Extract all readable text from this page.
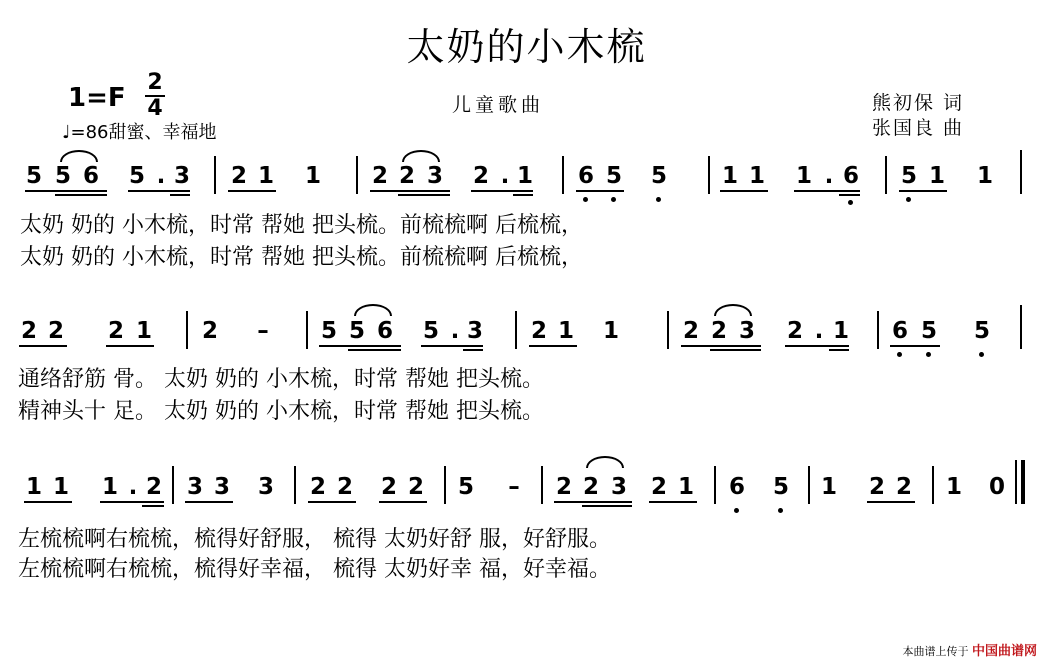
太奶的小木梳
1=F
2
4
♩=86甜蜜、幸福地
儿童歌曲	熊初保 词
张国良 曲
5 5 6 5 . 3 2 1 1 2 2 3 2 . 1 6 5 5 1 1 1 . 6 5 1 1
太奶 奶的 小木梳，时常 帮她 把头梳。前梳梳啊 后梳梳，
太奶 奶的 小木梳，时常 帮她 把头梳。前梳梳啊 后梳梳，
2 2 2 1 2 – 5 5 6 5 . 3 2 1 1	2 2 3 2 . 1 6 5 5
通络舒筋 骨。 太奶 奶的 小木梳，时常 帮她 把头梳。
精神头十 足。 太奶 奶的 小木梳，时常 帮她 把头梳。
1 1 1 . 2 3 3 3 2 2 2 2 5 – 2 2 3 2 1 6 5 1 2 2 1 0
左梳梳啊右梳梳，梳得好舒服， 梳得 太奶好舒 服，好舒服。
左梳梳啊右梳梳，梳得好幸福， 梳得 太奶好幸 福，好幸福。
本曲谱上传于 中国曲谱网
